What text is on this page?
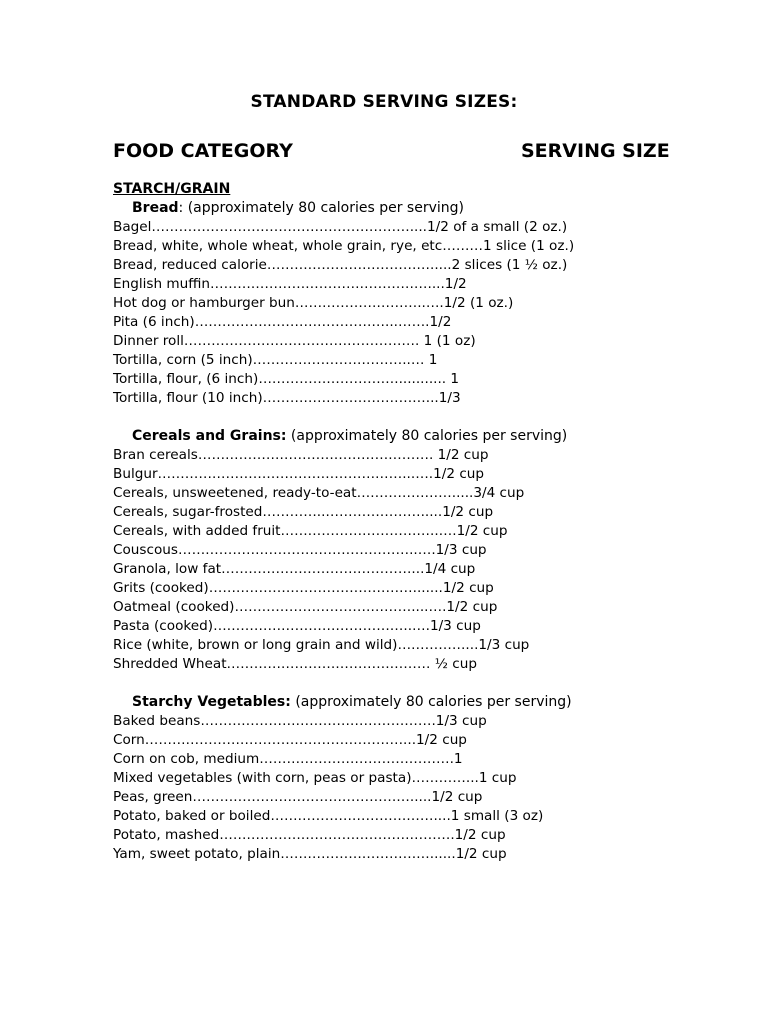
STANDARD SERVING SIZES:
FOOD CATEGORY	SERVING SIZE
STARCH/GRAIN
Bread: (approximately 80 calories per serving)
Bagel…………………………………………………....1/2 of a small (2 oz.)
Bread, white, whole wheat, whole grain, rye, etc………1 slice (1 oz.)
Bread, reduced calorie……………………………….....2 slices (1 ½ oz.)
English muffin…………………………………………....1/2
Hot dog or hamburger bun………………………..….1/2 (1 oz.)
Pita (6 inch)……………………………………...…….1/2
Dinner roll……………………………………………. 1 (1 oz)
Tortilla, corn (5 inch)……………………………..… 1
Tortilla, flour, (6 inch)…………………………............ 1
Tortilla, flour (10 inch)………………………………...1/3
Cereals and Grains: (approximately 80 calories per serving)
Bran cereals……………………………………………. 1/2 cup
Bulgur………………………………………………...….1/2 cup
Cereals, unsweetened, ready-to-eat………………….....3/4 cup
Cereals, sugar-frosted…………..………………….....1/2 cup
Cereals, with added fruit……………………………..….1/2 cup
Couscous……………………………………………..….1/3 cup
Granola, low fat……………………………………...1/4 cup
Grits (cooked)……………………………………….......1/2 cup
Oatmeal (cooked)…………………………………....….1/2 cup
Pasta (cooked)……………………………………..….1/3 cup
Rice (white, brown or long grain and wild)……………...1/3 cup
Shredded Wheat……………………………………… ½ cup
Starchy Vegetables: (approximately 80 calories per serving)
Baked beans…………………………………………….1/3 cup
Corn…………………………………………………...1/2 cup
Corn on cob, medium…………………………………….1
Mixed vegetables (with corn, peas or pasta)…………...1 cup
Peas, green………………………………………….....1/2 cup
Potato, baked or boiled………………………………....1 small (3 oz)
Potato, mashed…………………………………………….1/2 cup
Yam, sweet potato, plain……………………………......1/2 cup
